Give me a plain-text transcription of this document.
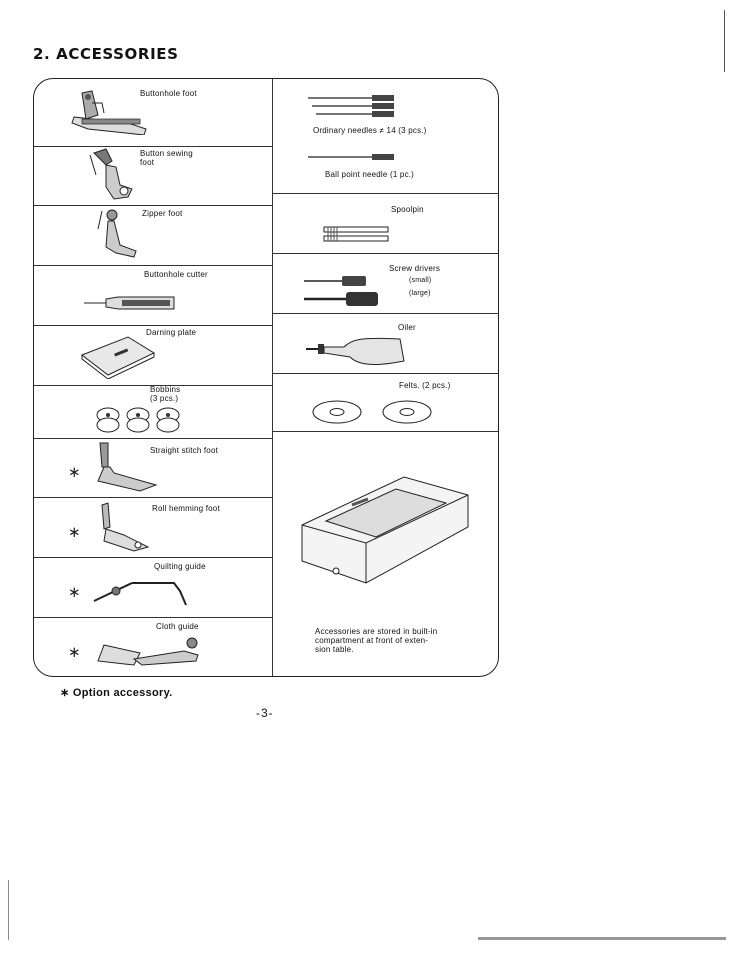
2. ACCESSORIES
Buttonhole foot
Button sewing
foot
Zipper foot
Buttonhole cutter
Darning plate
Bobbins
(3 pcs.)
∗
Straight stitch foot
∗
Roll hemming foot
∗
Quilting guide
∗
Cloth guide
Ordinary needles ≠ 14 (3 pcs.)
Ball point needle (1 pc.)
Spoolpin
Screw drivers
(small)
(large)
Oiler
Felts. (2 pcs.)
Accessories are stored in built-in
compartment at front of exten-
sion table.
∗ Option accessory.
-3-
